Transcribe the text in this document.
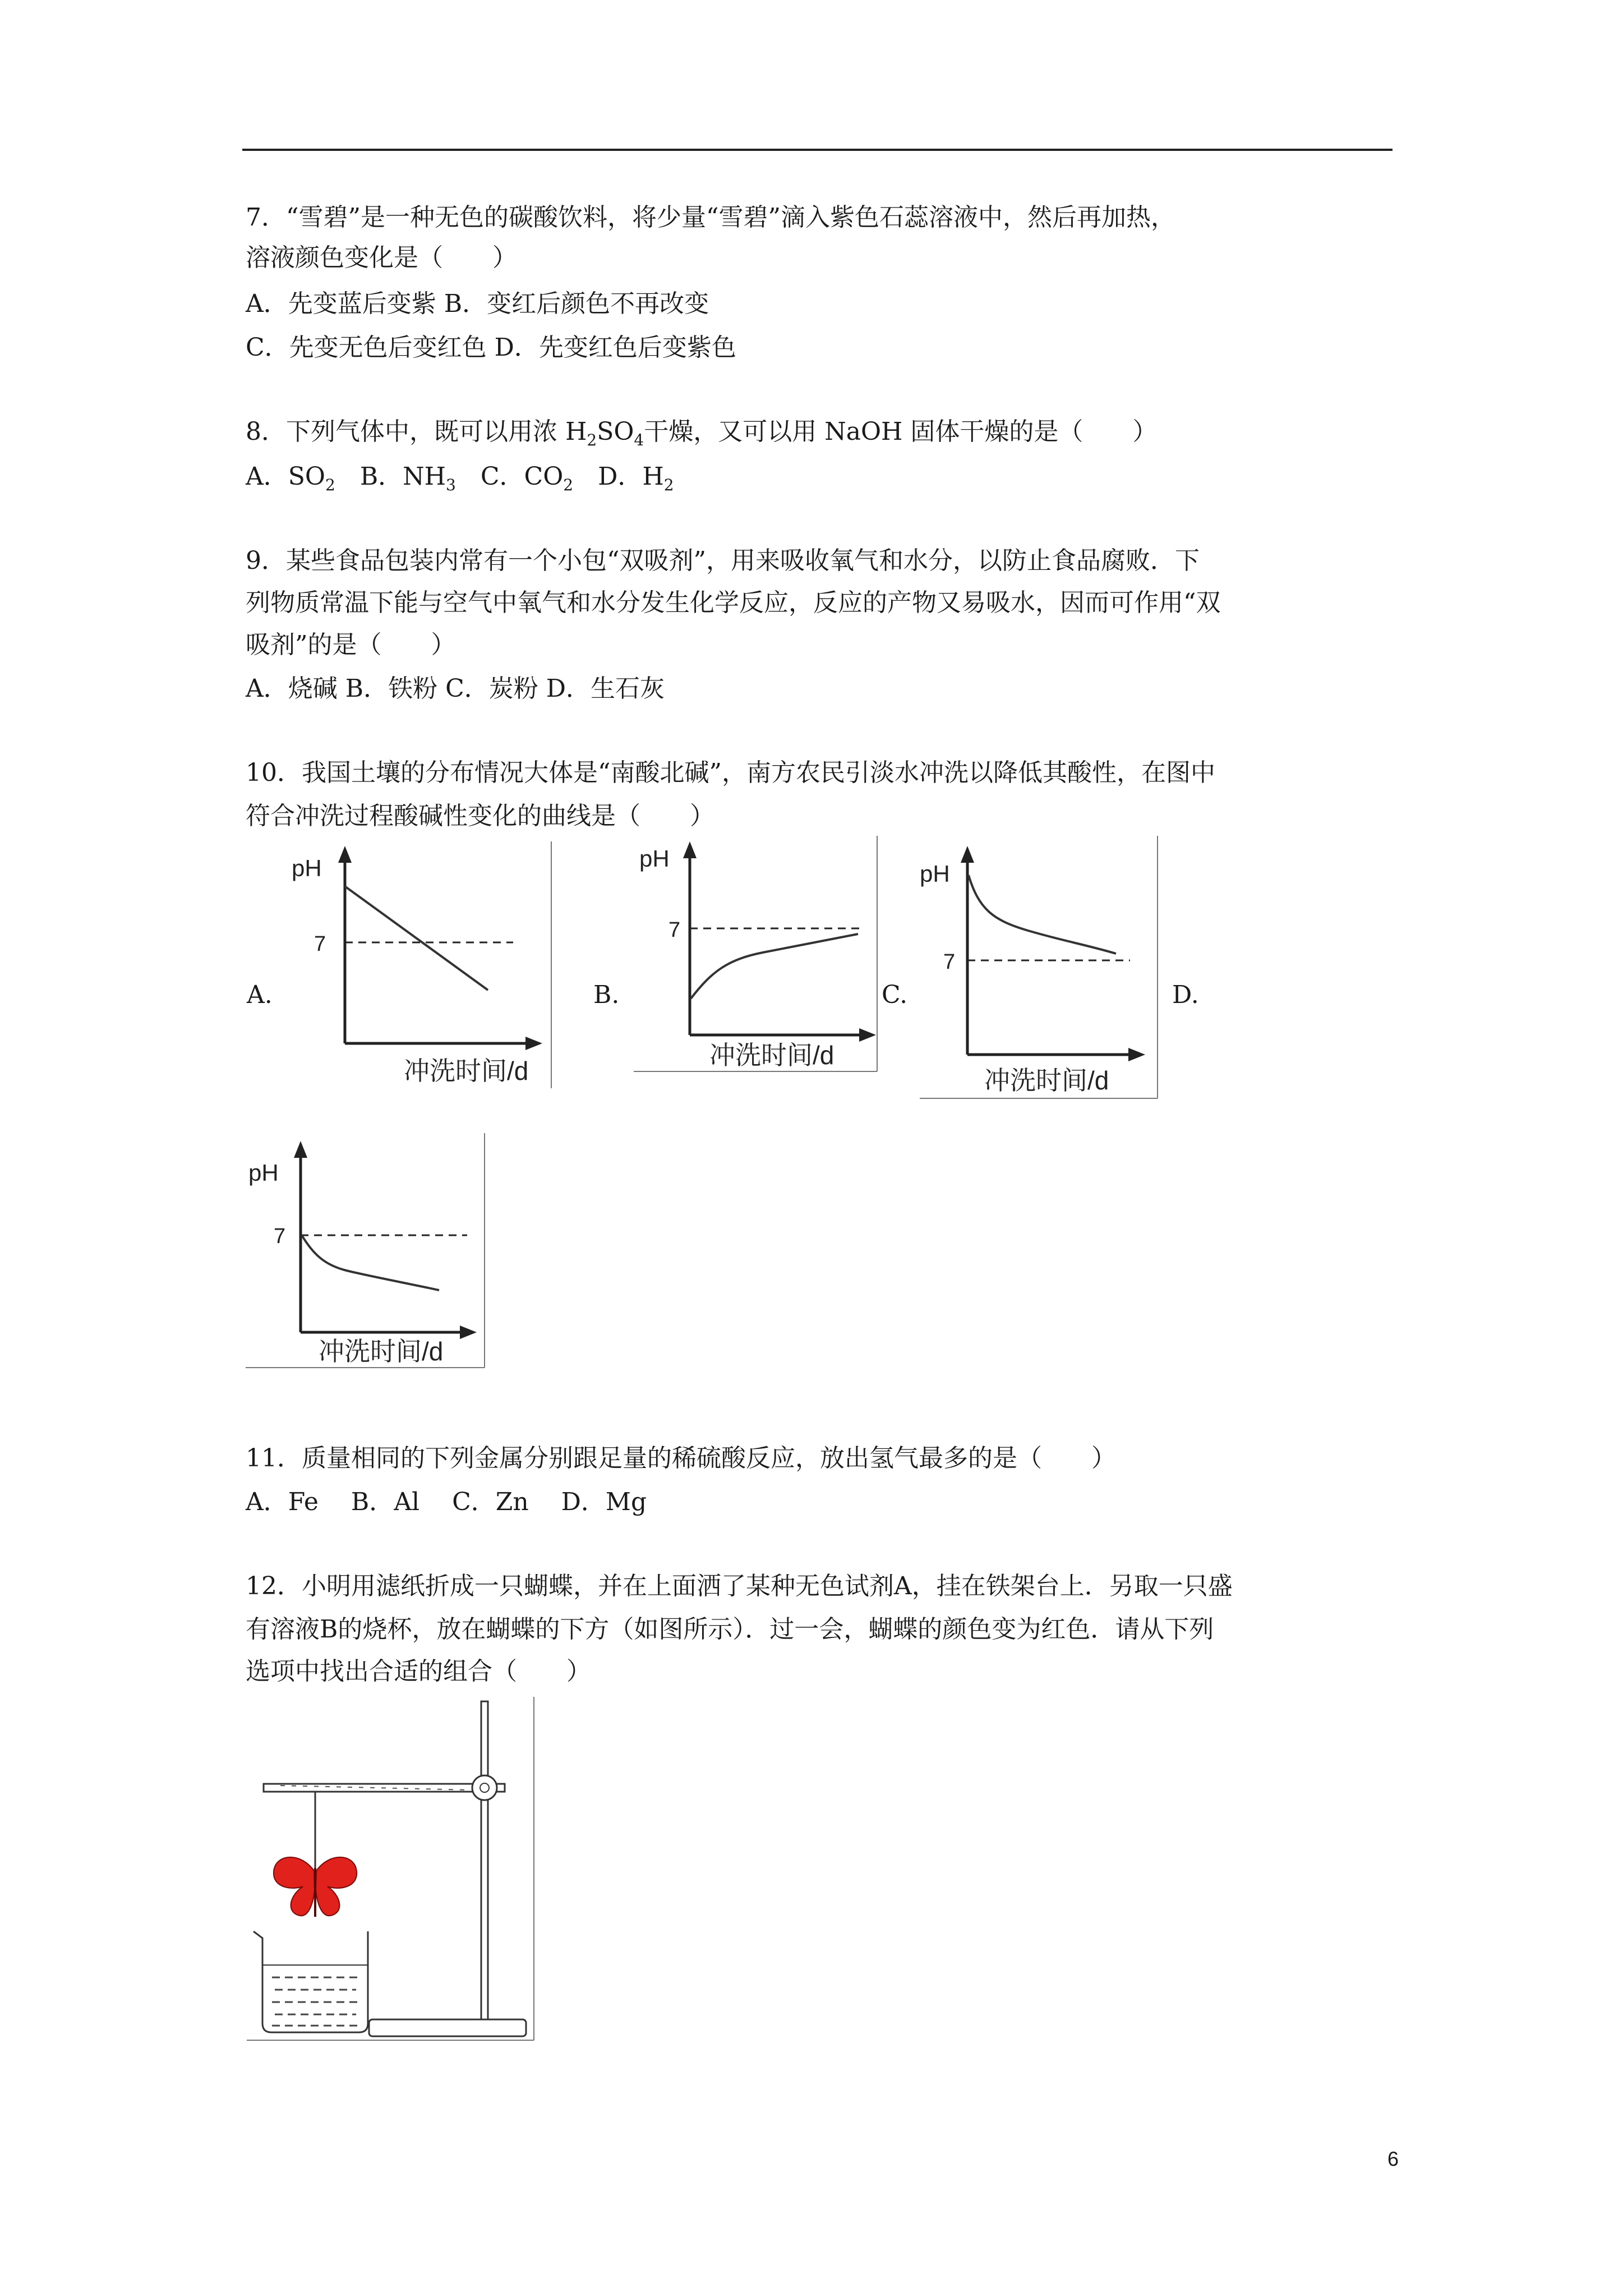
7．“雪碧”是一种无色的碳酸饮料，将少量“雪碧”滴入紫色石蕊溶液中，然后再加热，
溶液颜色变化是（　　）
A．先变蓝后变紫 B．变红后颜色不再改变
C．先变无色后变红色 D．先变红色后变紫色
8．下列气体中，既可以用浓 $H_2SO_4$干燥，又可以用 NaOH 固体干燥的是（　　）
A．$SO_2$　B．$NH_3$　C．$CO_2$　D．$H_2$
9．某些食品包装内常有一个小包“双吸剂”，用来吸收氧气和水分，以防止食品腐败．下
列物质常温下能与空气中氧气和水分发生化学反应，反应的产物又易吸水，因而可作用“双
吸剂”的是（　　）
A．烧碱 B．铁粉 C．炭粉 D．生石灰
10．我国土壤的分布情况大体是“南酸北碱”，南方农民引淡水冲洗以降低其酸性，在图中
符合冲洗过程酸碱性变化的曲线是（　　）
A.	B.	C.	D.
pH
7
冲洗时间/d
pH
7
冲洗时间/d
pH
7
冲洗时间/d
pH
7
冲洗时间/d
11．质量相同的下列金属分别跟足量的稀硫酸反应，放出氢气最多的是（　　）
A．Fe　 B．Al　 C．Zn　 D．Mg
12．小明用滤纸折成一只蝴蝶，并在上面洒了某种无色试剂A，挂在铁架台上．另取一只盛
有溶液B的烧杯，放在蝴蝶的下方（如图所示）．过一会，蝴蝶的颜色变为红色．请从下列
选项中找出合适的组合（　　）
6
